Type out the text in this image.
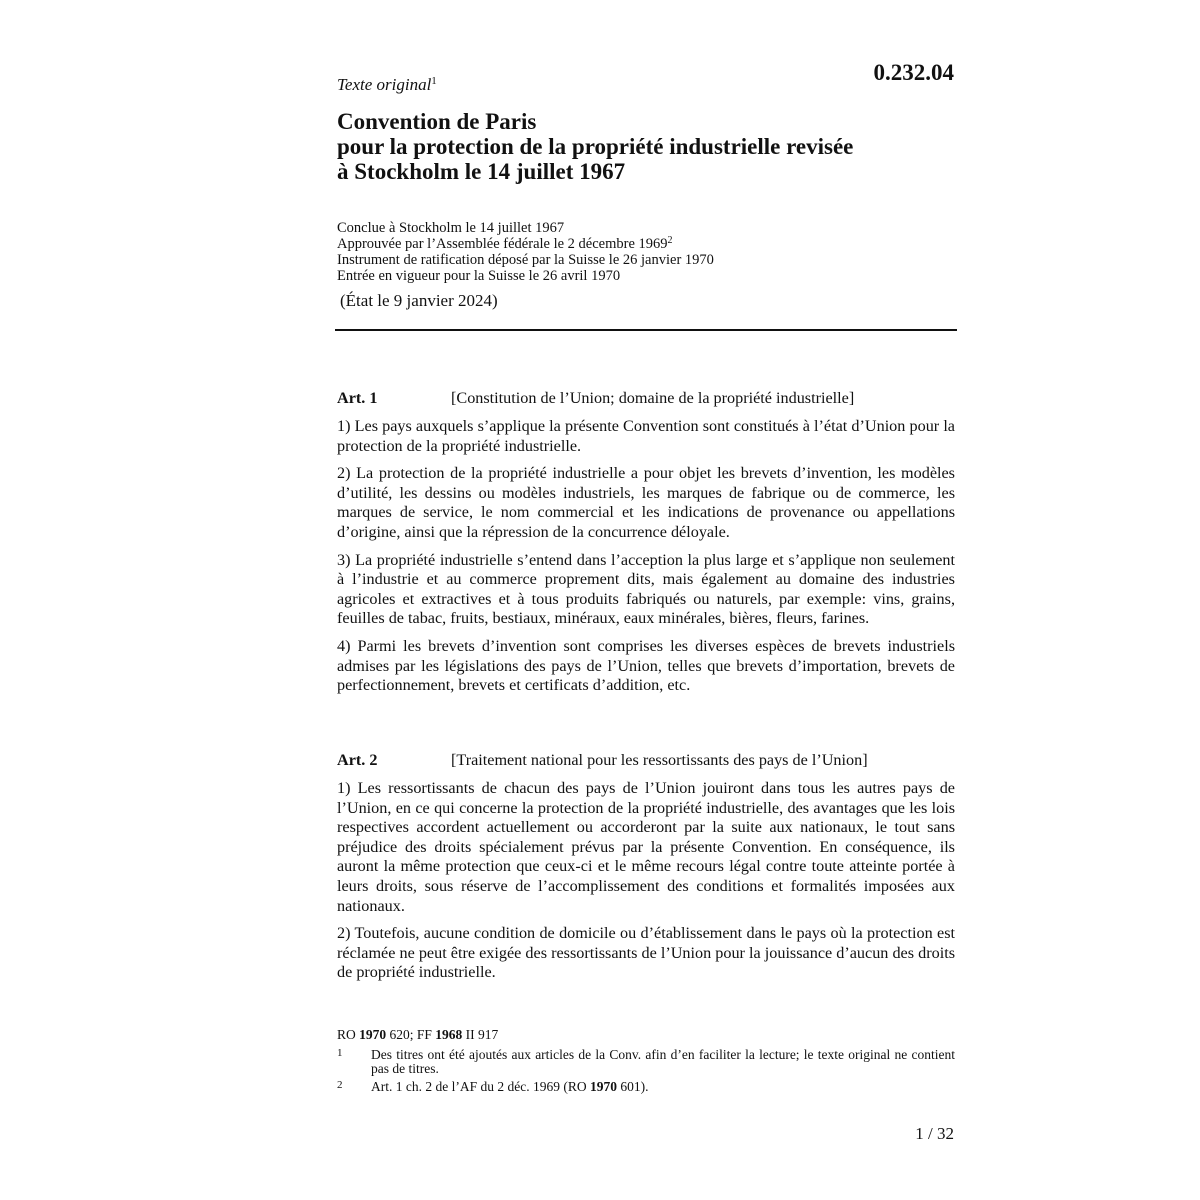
Texte original$^1$	0.232.04
Convention de Paris
pour la protection de la propriété industrielle revisée
à Stockholm le 14 juillet 1967
Conclue à Stockholm le 14 juillet 1967
Approuvée par l’Assemblée fédérale le 2 décembre 1969$^2$
Instrument de ratification déposé par la Suisse le 26 janvier 1970
Entrée en vigueur pour la Suisse le 26 avril 1970
(État le 9 janvier 2024)
Art. 1	[Constitution de l’Union; domaine de la propriété industrielle]

1) Les pays auxquels s’applique la présente Convention sont constitués à l’état d’Union pour la protection de la propriété industrielle.

2) La protection de la propriété industrielle a pour objet les brevets d’invention, les modèles d’utilité, les dessins ou modèles industriels, les marques de fabrique ou de commerce, les marques de service, le nom commercial et les indications de provenance ou appellations d’origine, ainsi que la répression de la concurrence déloyale.

3) La propriété industrielle s’entend dans l’acception la plus large et s’applique non seulement à l’industrie et au commerce proprement dits, mais également au domaine des industries agricoles et extractives et à tous produits fabriqués ou naturels, par exemple: vins, grains, feuilles de tabac, fruits, bestiaux, minéraux, eaux minérales, bières, fleurs, farines.

4) Parmi les brevets d’invention sont comprises les diverses espèces de brevets industriels admises par les législations des pays de l’Union, telles que brevets d’importation, brevets de perfectionnement, brevets et certificats d’addition, etc.

Art. 2	[Traitement national pour les ressortissants des pays de l’Union]

1) Les ressortissants de chacun des pays de l’Union jouiront dans tous les autres pays de l’Union, en ce qui concerne la protection de la propriété industrielle, des avantages que les lois respectives accordent actuellement ou accorderont par la suite aux nationaux, le tout sans préjudice des droits spécialement prévus par la présente Convention. En conséquence, ils auront la même protection que ceux-ci et le même recours légal contre toute atteinte portée à leurs droits, sous réserve de l’accomplissement des conditions et formalités imposées aux nationaux.

2) Toutefois, aucune condition de domicile ou d’établissement dans le pays où la protection est réclamée ne peut être exigée des ressortissants de l’Union pour la jouissance d’aucun des droits de propriété industrielle.

RO 1970 620; FF 1968 II 917
1 Des titres ont été ajoutés aux articles de la Conv. afin d’en faciliter la lecture; le texte original ne contient pas de titres.
2 Art. 1 ch. 2 de l’AF du 2 déc. 1969 (RO 1970 601).
1 / 32
